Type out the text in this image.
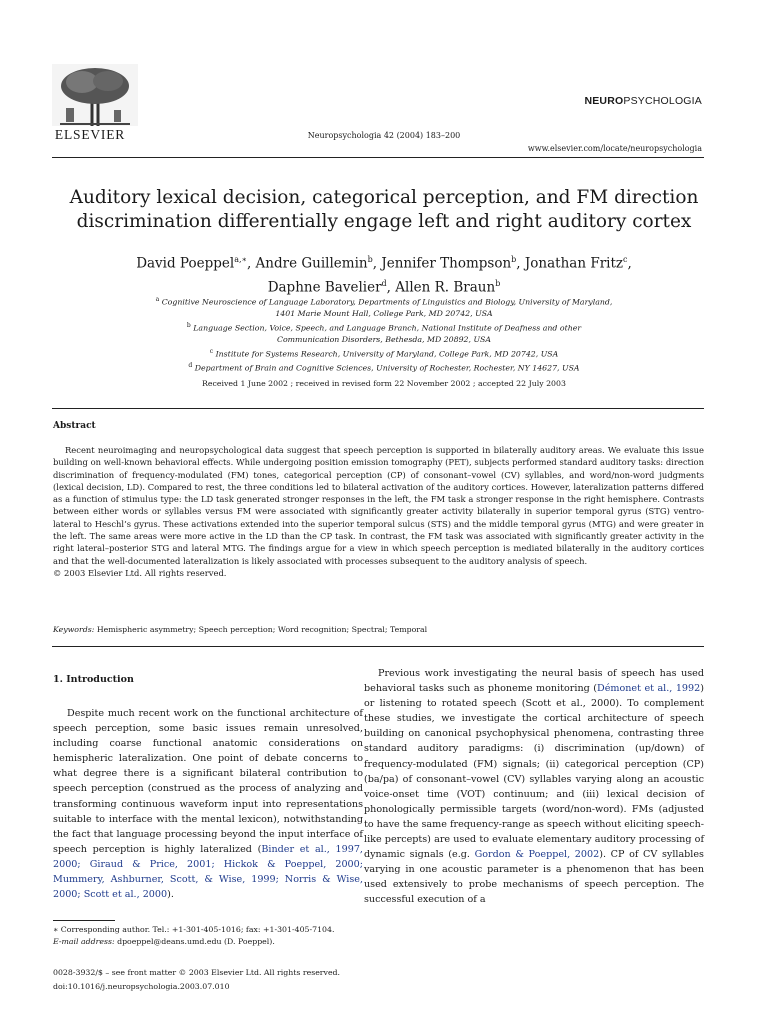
ELSEVIER	Neuropsychologia 42 (2004) 183–200
NEUROPSYCHOLOGIA
www.elsevier.com/locate/neuropsychologia
Auditory lexical decision, categorical perception, and FM direction
discrimination differentially engage left and right auditory cortex
David Poeppel$^{a,∗}$, Andre Guillemin$^b$, Jennifer Thompson$^b$, Jonathan Fritz$^c$,
Daphne Bavelier$^d$, Allen R. Braun$^b$
$^a$ Cognitive Neuroscience of Language Laboratory, Departments of Linguistics and Biology, University of Maryland,
1401 Marie Mount Hall, College Park, MD 20742, USA
$^b$ Language Section, Voice, Speech, and Language Branch, National Institute of Deafness and other
Communication Disorders, Bethesda, MD 20892, USA
$^c$ Institute for Systems Research, University of Maryland, College Park, MD 20742, USA
$^d$ Department of Brain and Cognitive Sciences, University of Rochester, Rochester, NY 14627, USA
Received 1 June 2002 ; received in revised form 22 November 2002 ; accepted 22 July 2003
Abstract

Recent neuroimaging and neuropsychological data suggest that speech perception is supported in bilaterally auditory areas. We evaluate this issue building on well-known behavioral effects. While undergoing position emission tomography (PET), subjects performed standard auditory tasks: direction discrimination of frequency-modulated (FM) tones, categorical perception (CP) of consonant–vowel (CV) syllables, and word/non-word judgments (lexical decision, LD). Compared to rest, the three conditions led to bilateral activation of the auditory cortices. However, lateralization patterns differed as a function of stimulus type: the LD task generated stronger responses in the left, the FM task a stronger response in the right hemisphere. Contrasts between either words or syllables versus FM were associated with significantly greater activity bilaterally in superior temporal gyrus (STG) ventro-lateral to Heschl’s gyrus. These activations extended into the superior temporal sulcus (STS) and the middle temporal gyrus (MTG) and were greater in the left. The same areas were more active in the LD than the CP task. In contrast, the FM task was associated with significantly greater activity in the right lateral–posterior STG and lateral MTG. The findings argue for a view in which speech perception is mediated bilaterally in the auditory cortices and that the well-documented lateralization is likely associated with processes subsequent to the auditory analysis of speech.

© 2003 Elsevier Ltd. All rights reserved.

Keywords: Hemispheric asymmetry; Speech perception; Word recognition; Spectral; Temporal
1. Introduction

Despite much recent work on the functional architecture of speech perception, some basic issues remain unresolved, including coarse functional anatomic considerations on hemispheric lateralization. One point of debate concerns to what degree there is a significant bilateral contribution to speech perception (construed as the process of analyzing and transforming continuous waveform input into representations suitable to interface with the mental lexicon), notwithstanding the fact that language processing beyond the input interface of speech perception is highly lateralized (Binder et al., 1997, 2000; Giraud & Price, 2001; Hickok & Poeppel, 2000; Mummery, Ashburner, Scott, & Wise, 1999; Norris & Wise, 2000; Scott et al., 2000).

Previous work investigating the neural basis of speech has used behavioral tasks such as phoneme monitoring (Démonet et al., 1992) or listening to rotated speech (Scott et al., 2000). To complement these studies, we investigate the cortical architecture of speech building on canonical psychophysical phenomena, contrasting three standard auditory paradigms: (i) discrimination (up/down) of frequency-modulated (FM) signals; (ii) categorical perception (CP) (ba/pa) of consonant–vowel (CV) syllables varying along an acoustic voice-onset time (VOT) continuum; and (iii) lexical decision of phonologically permissible targets (word/non-word). FMs (adjusted to have the same frequency-range as speech without eliciting speech-like percepts) are used to evaluate elementary auditory processing of dynamic signals (e.g. Gordon & Poeppel, 2002). CP of CV syllables varying in one acoustic parameter is a phenomenon that has been used extensively to probe mechanisms of speech perception. The successful execution of a

∗ Corresponding author. Tel.: +1-301-405-1016; fax: +1-301-405-7104.
E-mail address: dpoeppel@deans.umd.edu (D. Poeppel).
0028-3932/$ – see front matter © 2003 Elsevier Ltd. All rights reserved.
doi:10.1016/j.neuropsychologia.2003.07.010
